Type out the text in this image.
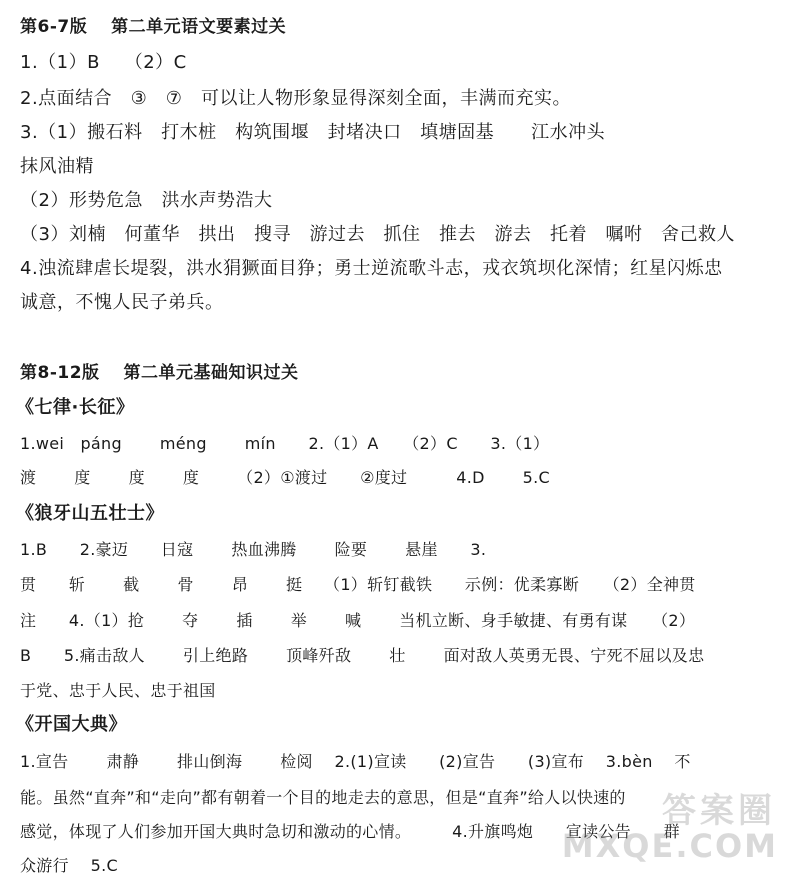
第6-7版　 第二单元语文要素过关
1.（1）B　 （2）C
2.点面结合　③　⑦　可以让人物形象显得深刻全面，丰满而充实。
3.（1）搬石料　打木桩　构筑围堰　封堵决口　填塘固基　　江水冲头
抹风油精
（2）形势危急　洪水声势浩大
（3）刘楠　何董华　拱出　搜寻　游过去　抓住　推去　游去　托着　嘱咐　舍己救人
4.浊流肆虐长堤裂，洪水狷獗面目狰；勇士逆流歌斗志，戎衣筑坝化深情；红星闪烁忠
诚意，不愧人民子弟兵。
第8-12版　 第二单元基础知识过关
《七律·长征》
1.wei　páng　　 méng　　 mín　　2.（1）A　　（2）C　　3.（1）
渡　　 度　　 度　　 度　　 （2）①渡过　　②度过　　　4.D　　 5.C
《狼牙山五壮士》
1.B　　2.豪迈　　日寇　　 热血沸腾　　 险要　　 悬崖　　3.
贯　　斩　　 截　　 骨　　 昂　　 挺　 （1）斩钉截铁　　示例：优柔寡断　　（2）全神贯
注　　4.（1）抢　　 夺　　 插　　 举　　 喊　　 当机立断、身手敏捷、有勇有谋　　（2）
B　　5.痛击敌人　　 引上绝路　　 顶峰歼敌　　 壮　　 面对敌人英勇无畏、宁死不屈以及忠
于党、忠于人民、忠于祖国
《开国大典》
1.宣告　　 肃静　　 排山倒海　　 检阅　 2.(1)宣读　　(2)宣告　　(3)宣布　 3.bèn　 不
能。虽然“直奔”和“走向”都有朝着一个目的地走去的意思，但是“直奔”给人以快速的
感觉，体现了人们参加开国大典时急切和激动的心情。　　　4.升旗鸣炮　　宣读公告　　群
众游行　 5.C
答案圈
MXQE.COM
